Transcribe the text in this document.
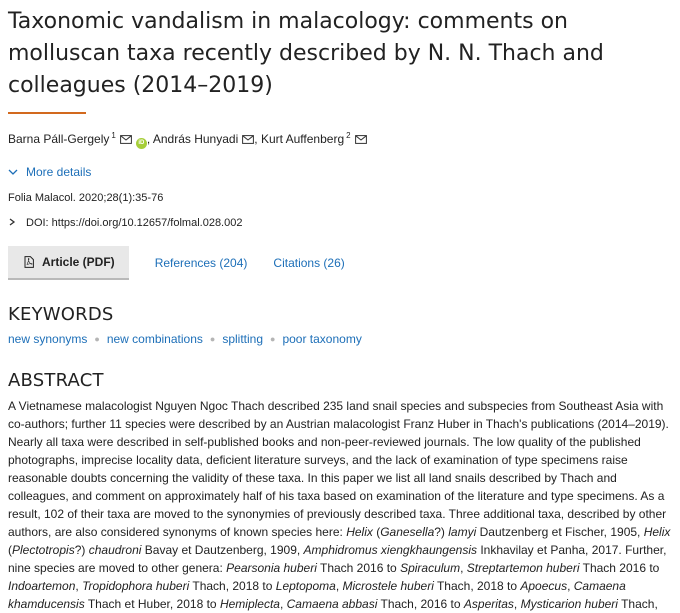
Taxonomic vandalism in malacology: comments on molluscan taxa recently described by N. N. Thach and colleagues (2014–2019)
Barna Páll-Gergely $^1$iD , András Hunyadi , Kurt Auffenberg $^2$
More details
Folia Malacol. 2020;28(1):35-76
DOI: https://doi.org/10.12657/folmal.028.002
Article (PDF)	References (204)	Citations (26)
KEYWORDS
new synonyms ● new combinations ● splitting ● poor taxonomy
ABSTRACT

A Vietnamese malacologist Nguyen Ngoc Thach described 235 land snail species and subspecies from Southeast Asia with co-authors; further 11 species were described by an Austrian malacologist Franz Huber in Thach's publications (2014–2019). Nearly all taxa were described in self-published books and non-peer-reviewed journals. The low quality of the published photographs, imprecise locality data, deficient literature surveys, and the lack of examination of type specimens raise reasonable doubts concerning the validity of these taxa. In this paper we list all land snails described by Thach and colleagues, and comment on approximately half of his taxa based on examination of the literature and type specimens. As a result, 102 of their taxa are moved to the synonymies of previously described taxa. Three additional taxa, described by other authors, are also considered synonyms of known species here: Helix (Ganesella?) lamyi Dautzenberg et Fischer, 1905, Helix (Plectotropis?) chaudroni Bavay et Dautzenberg, 1909, Amphidromus xiengkhaungensis Inkhavilay et Panha, 2017. Further, nine species are moved to other genera: Pearsonia huberi Thach 2016 to Spiraculum, Streptartemon huberi Thach 2016 to Indoartemon, Tropidophora huberi Thach, 2018 to Leptopoma, Microstele huberi Thach, 2018 to Apoecus, Camaena khamducensis Thach et Huber, 2018 to Hemiplecta, Camaena abbasi Thach, 2016 to Asperitas, Mysticarion huberi Thach,
